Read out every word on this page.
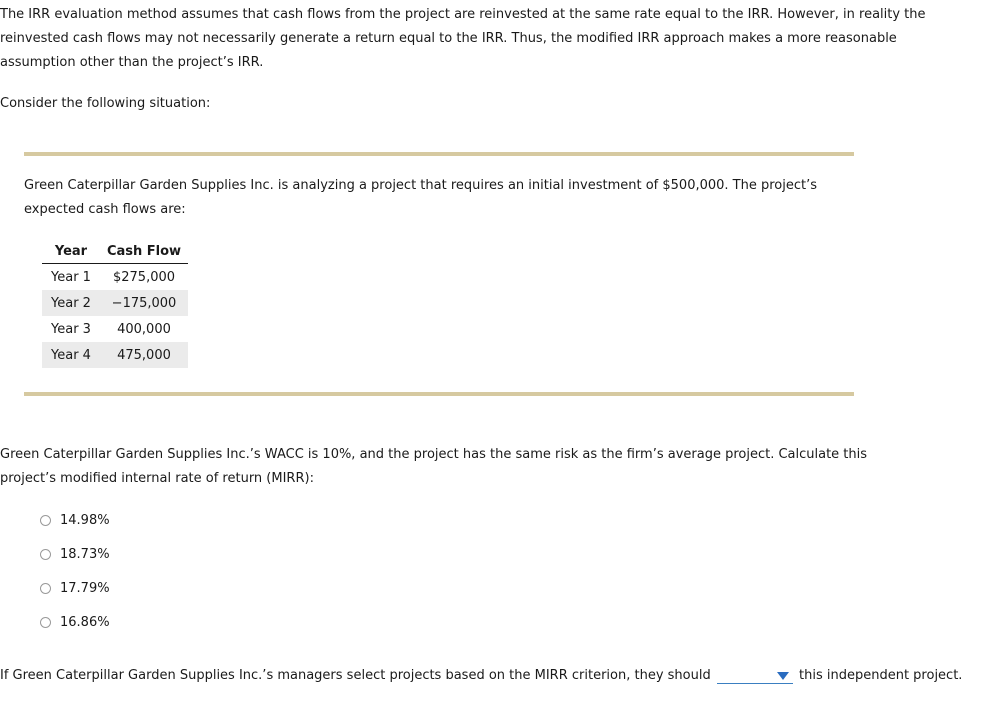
The IRR evaluation method assumes that cash flows from the project are reinvested at the same rate equal to the IRR. However, in reality the reinvested cash flows may not necessarily generate a return equal to the IRR. Thus, the modified IRR approach makes a more reasonable assumption other than the project’s IRR.

Consider the following situation:

Green Caterpillar Garden Supplies Inc. is analyzing a project that requires an initial investment of $500,000. The project’s expected cash flows are:

Year	Cash Flow
Year 1	$275,000
Year 2	−175,000
Year 3	400,000
Year 4	475,000

Green Caterpillar Garden Supplies Inc.’s WACC is 10%, and the project has the same risk as the firm’s average project. Calculate this project’s modified internal rate of return (MIRR):

14.98%
18.73%
17.79%
16.86%

If Green Caterpillar Garden Supplies Inc.’s managers select projects based on the MIRR criterion, they should	this independent project.
